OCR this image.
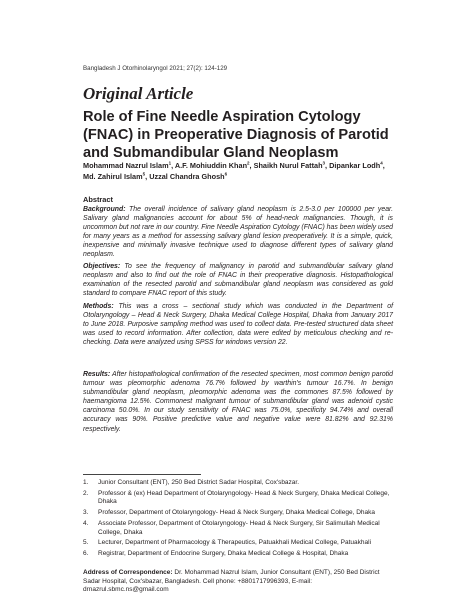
Bangladesh J Otorhinolaryngol 2021; 27(2): 124-129
Original Article
Role of Fine Needle Aspiration Cytology (FNAC) in Preoperative Diagnosis of Parotid and Submandibular Gland Neoplasm
Mohammad Nazrul Islam$^1$, A.F. Mohiuddin Khan$^2$, Shaikh Nurul Fattah$^3$, Dipankar Lodh$^4$, Md. Zahirul Islam$^5$, Uzzal Chandra Ghosh$^6$
Abstract

Background: The overall incidence of salivary gland neoplasm is 2.5-3.0 per 100000 per year. Salivary gland malignancies account for about 5% of head-neck malignancies. Though, it is uncommon but not rare in our country. Fine Needle Aspiration Cytology (FNAC) has been widely used for many years as a method for assessing salivary gland lesion preoperatively. It is a simple, quick, inexpensive and minimally invasive technique used to diagnose different types of salivary gland neoplasm.

Objectives: To see the frequency of malignancy in parotid and submandibular salivary gland neoplasm and also to find out the role of FNAC in their preoperative diagnosis. Histopathological examination of the resected parotid and submandibular gland neoplasm was considered as gold standard to compare FNAC report of this study.

Methods: This was a cross – sectional study which was conducted in the Department of Otolaryngology – Head & Neck Surgery, Dhaka Medical College Hospital, Dhaka from January 2017 to June 2018. Purposive sampling method was used to collect data. Pre-tested structured data sheet was used to record information. After collection, data were edited by meticulous checking and re-checking. Data were analyzed using SPSS for windows version 22.

Results: After histopathological confirmation of the resected specimen, most common benign parotid tumour was pleomorphic adenoma 76.7% followed by warthin's tumour 16.7%. In benign submandibular gland neoplasm, pleomorphic adenoma was the commones 87.5% followed by haemangioma 12.5%. Commonest malignant tumour of submandibular gland was adenoid cystic carcinoma 50.0%. In our study sensitivity of FNAC was 75.0%, specificity 94.74% and overall accuracy was 90%. Positive predictive value and negative value were 81.82% and 92.31% respectively.

1. Junior Consultant (ENT), 250 Bed District Sadar Hospital, Cox'sbazar.
2. Professor & (ex) Head Department of Otolaryngology- Head & Neck Surgery, Dhaka Medical College, Dhaka
3. Professor, Department of Otolaryngology- Head & Neck Surgery, Dhaka Medical College, Dhaka
4. Associate Professor, Department of Otolaryngology- Head & Neck Surgery, Sir Salimullah Medical College, Dhaka
5. Lecturer, Department of Pharmacology & Therapeutics, Patuakhali Medical College, Patuakhali
6. Registrar, Department of Endocrine Surgery, Dhaka Medical College & Hospital, Dhaka

Address of Correspondence: Dr. Mohammad Nazrul Islam, Junior Consultant (ENT), 250 Bed District Sadar Hospital, Cox'sbazar, Bangladesh. Cell phone: +8801717996393, E-mail: drnazrul.sbmc.ns@gmail.com
